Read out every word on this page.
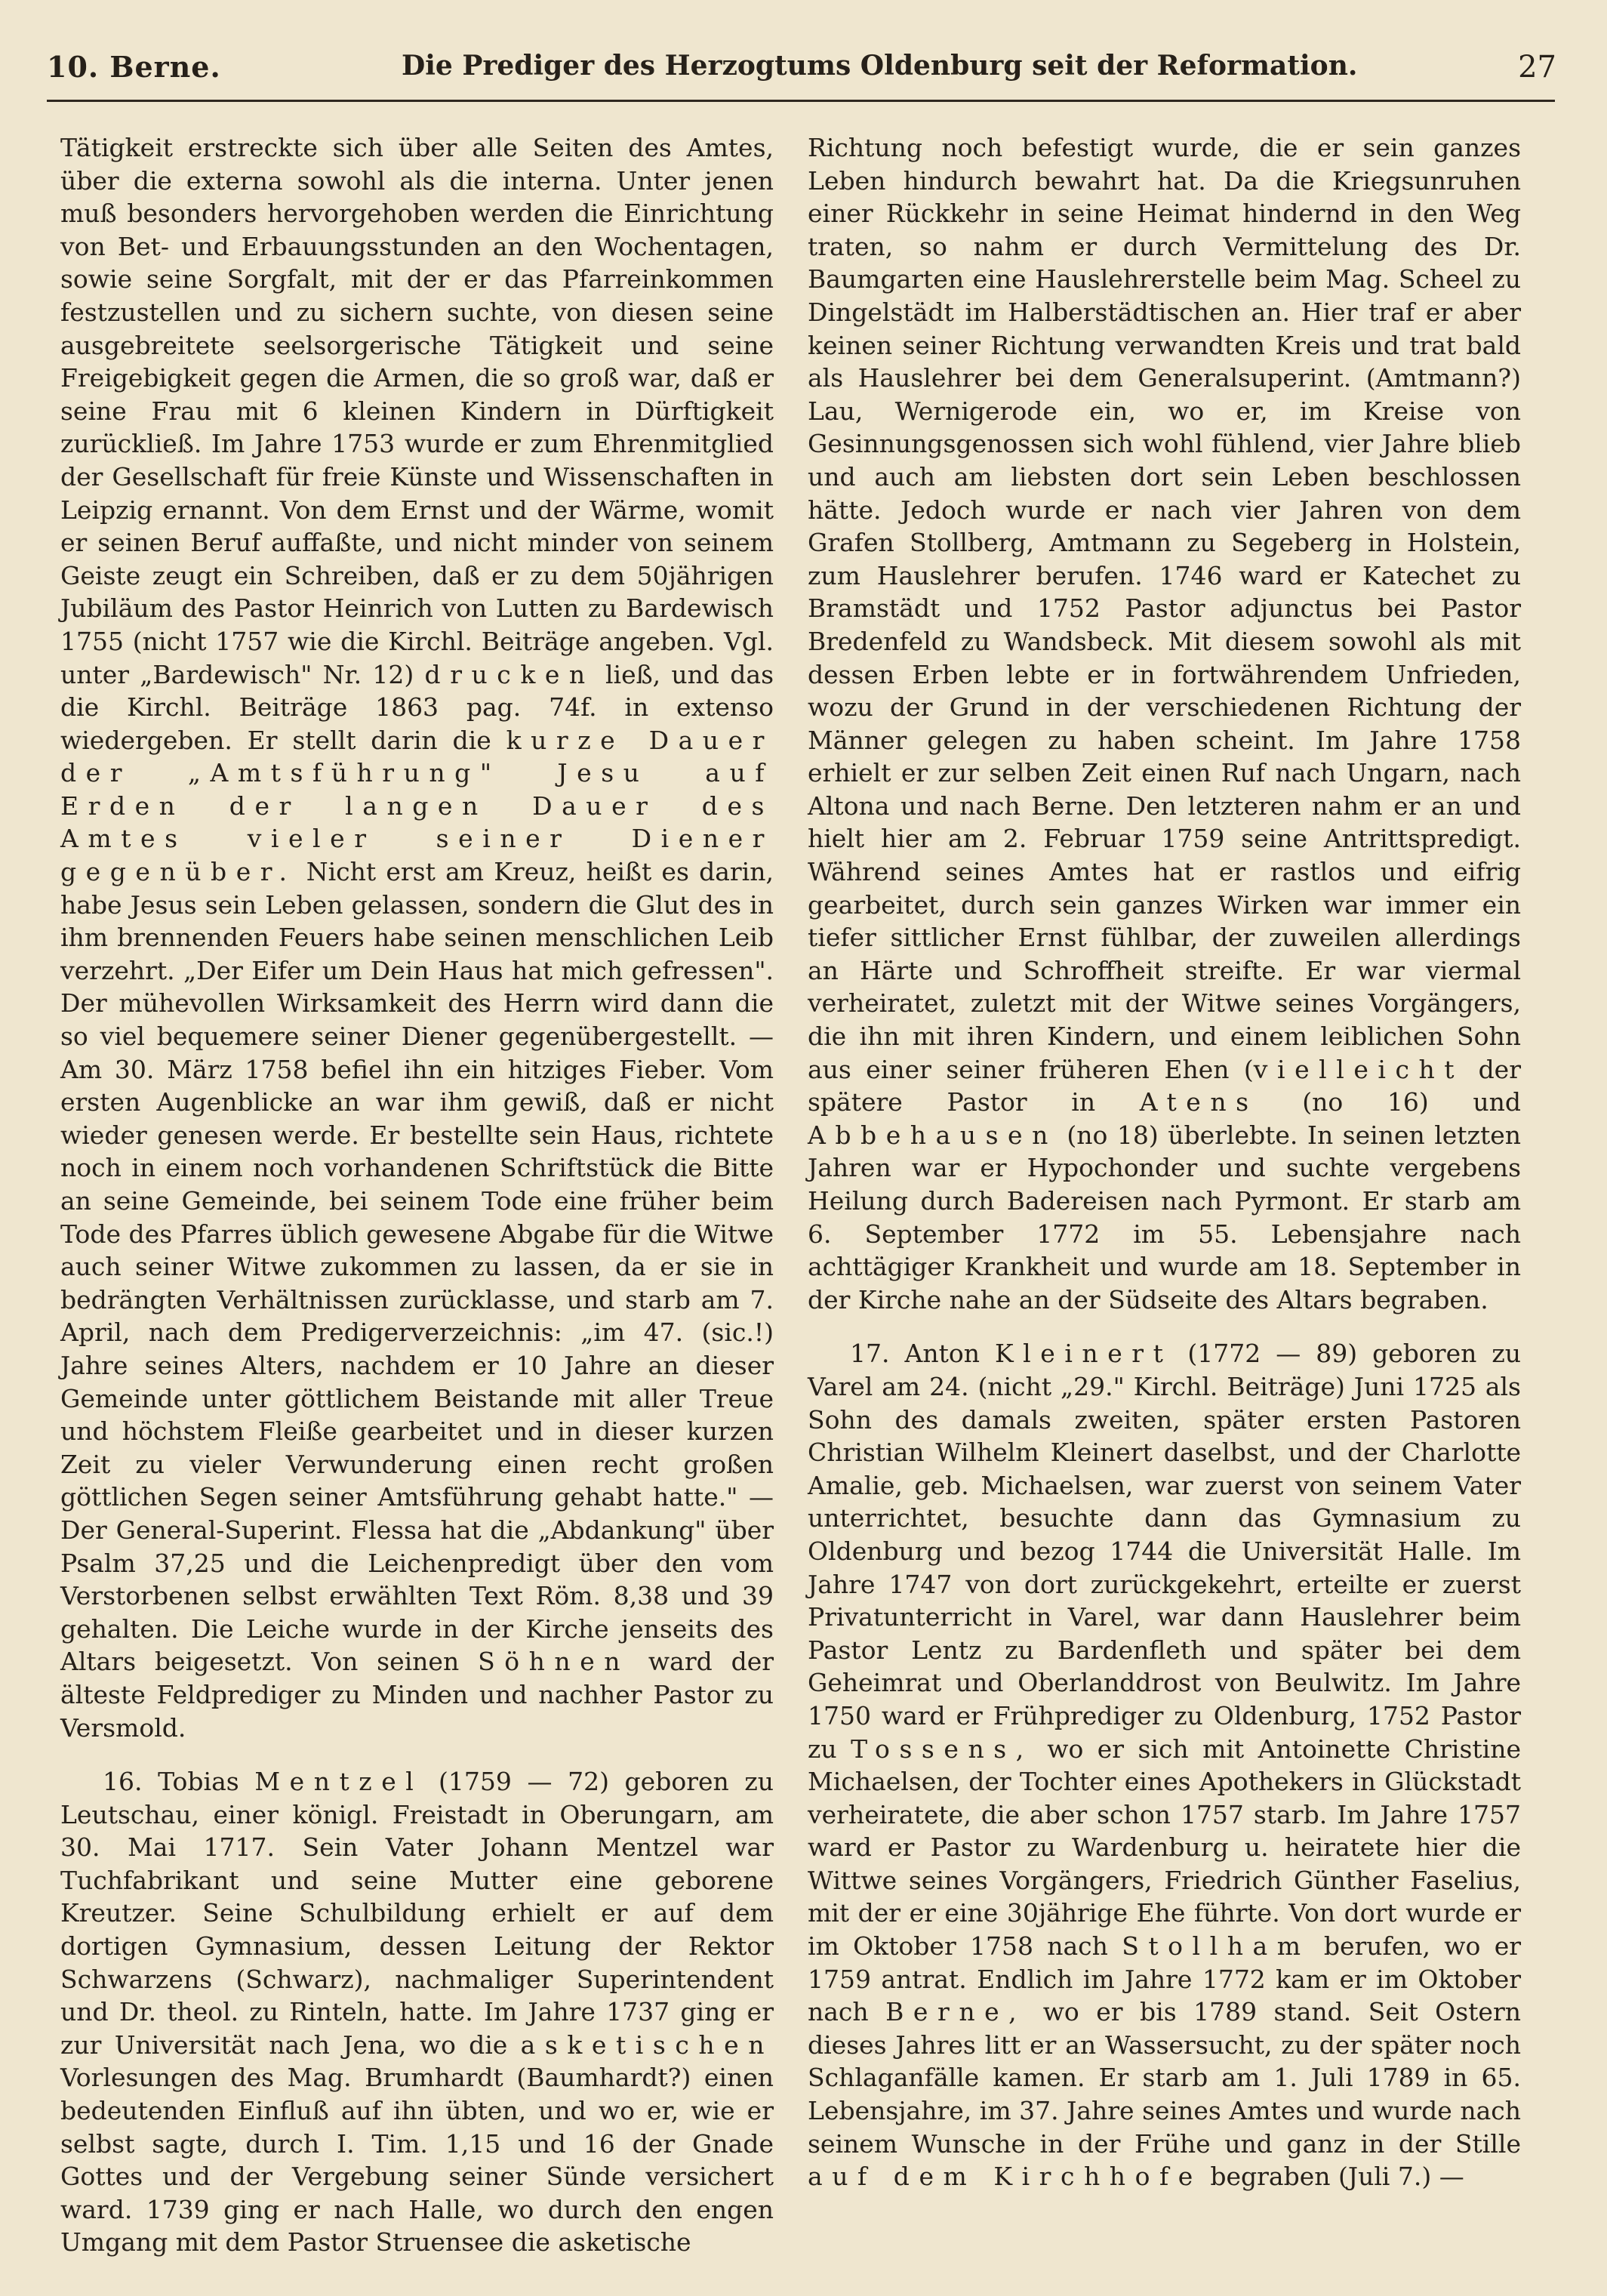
10. Berne.	Die Prediger des Herzogtums Oldenburg seit der Reformation.	27

Tätigkeit erstreckte sich über alle Seiten des Amtes, über die externa sowohl als die interna. Unter jenen muß besonders hervorgehoben werden die Einrichtung von Bet- und Erbauungsstunden an den Wochentagen, sowie seine Sorgfalt, mit der er das Pfarreinkommen festzustellen und zu sichern suchte, von diesen seine ausgebreitete seelsorgerische Tätigkeit und seine Freigebigkeit gegen die Armen, die so groß war, daß er seine Frau mit 6 kleinen Kindern in Dürftigkeit zurückließ. Im Jahre 1753 wurde er zum Ehrenmitglied der Gesellschaft für freie Künste und Wissenschaften in Leipzig ernannt. Von dem Ernst und der Wärme, womit er seinen Beruf auffaßte, und nicht minder von seinem Geiste zeugt ein Schreiben, daß er zu dem 50jährigen Jubiläum des Pastor Heinrich von Lutten zu Bardewisch 1755 (nicht 1757 wie die Kirchl. Beiträge angeben. Vgl. unter „Bardewisch" Nr. 12) drucken ließ, und das die Kirchl. Beiträge 1863 pag. 74f. in extenso wiedergeben. Er stellt darin die kurze Dauer der „Amtsführung" Jesu auf Erden der langen Dauer des Amtes vieler seiner Diener gegenüber. Nicht erst am Kreuz, heißt es darin, habe Jesus sein Leben gelassen, sondern die Glut des in ihm brennenden Feuers habe seinen menschlichen Leib verzehrt. „Der Eifer um Dein Haus hat mich gefressen". Der mühevollen Wirksamkeit des Herrn wird dann die so viel bequemere seiner Diener gegenübergestellt. — Am 30. März 1758 befiel ihn ein hitziges Fieber. Vom ersten Augenblicke an war ihm gewiß, daß er nicht wieder genesen werde. Er bestellte sein Haus, richtete noch in einem noch vorhandenen Schriftstück die Bitte an seine Gemeinde, bei seinem Tode eine früher beim Tode des Pfarres üblich gewesene Abgabe für die Witwe auch seiner Witwe zukommen zu lassen, da er sie in bedrängten Verhältnissen zurücklasse, und starb am 7. April, nach dem Predigerverzeichnis: „im 47. (sic.!) Jahre seines Alters, nachdem er 10 Jahre an dieser Gemeinde unter göttlichem Beistande mit aller Treue und höchstem Fleiße gearbeitet und in dieser kurzen Zeit zu vieler Verwunderung einen recht großen göttlichen Segen seiner Amtsführung gehabt hatte." — Der General-Superint. Flessa hat die „Abdankung" über Psalm 37,25 und die Leichenpredigt über den vom Verstorbenen selbst erwählten Text Röm. 8,38 und 39 gehalten. Die Leiche wurde in der Kirche jenseits des Altars beigesetzt. Von seinen Söhnen ward der älteste Feldprediger zu Minden und nachher Pastor zu Versmold.

16. Tobias Mentzel (1759 — 72) geboren zu Leutschau, einer königl. Freistadt in Oberungarn, am 30. Mai 1717. Sein Vater Johann Mentzel war Tuchfabrikant und seine Mutter eine geborene Kreutzer. Seine Schulbildung erhielt er auf dem dortigen Gymnasium, dessen Leitung der Rektor Schwarzens (Schwarz), nachmaliger Superintendent und Dr. theol. zu Rinteln, hatte. Im Jahre 1737 ging er zur Universität nach Jena, wo die asketischen Vorlesungen des Mag. Brumhardt (Baumhardt?) einen bedeutenden Einfluß auf ihn übten, und wo er, wie er selbst sagte, durch I. Tim. 1,15 und 16 der Gnade Gottes und der Vergebung seiner Sünde versichert ward. 1739 ging er nach Halle, wo durch den engen Umgang mit dem Pastor Struensee die asketische

Richtung noch befestigt wurde, die er sein ganzes Leben hindurch bewahrt hat. Da die Kriegsunruhen einer Rückkehr in seine Heimat hindernd in den Weg traten, so nahm er durch Vermittelung des Dr. Baumgarten eine Hauslehrerstelle beim Mag. Scheel zu Dingelstädt im Halberstädtischen an. Hier traf er aber keinen seiner Richtung verwandten Kreis und trat bald als Hauslehrer bei dem Generalsuperint. (Amtmann?) Lau, Wernigerode ein, wo er, im Kreise von Gesinnungsgenossen sich wohl fühlend, vier Jahre blieb und auch am liebsten dort sein Leben beschlossen hätte. Jedoch wurde er nach vier Jahren von dem Grafen Stollberg, Amtmann zu Segeberg in Holstein, zum Hauslehrer berufen. 1746 ward er Katechet zu Bramstädt und 1752 Pastor adjunctus bei Pastor Bredenfeld zu Wandsbeck. Mit diesem sowohl als mit dessen Erben lebte er in fortwährendem Unfrieden, wozu der Grund in der verschiedenen Richtung der Männer gelegen zu haben scheint. Im Jahre 1758 erhielt er zur selben Zeit einen Ruf nach Ungarn, nach Altona und nach Berne. Den letzteren nahm er an und hielt hier am 2. Februar 1759 seine Antrittspredigt. Während seines Amtes hat er rastlos und eifrig gearbeitet, durch sein ganzes Wirken war immer ein tiefer sittlicher Ernst fühlbar, der zuweilen allerdings an Härte und Schroffheit streifte. Er war viermal verheiratet, zuletzt mit der Witwe seines Vorgängers, die ihn mit ihren Kindern, und einem leiblichen Sohn aus einer seiner früheren Ehen (vielleicht der spätere Pastor in Atens (no 16) und Abbehausen (no 18) überlebte. In seinen letzten Jahren war er Hypochonder und suchte vergebens Heilung durch Badereisen nach Pyrmont. Er starb am 6. September 1772 im 55. Lebensjahre nach achttägiger Krankheit und wurde am 18. September in der Kirche nahe an der Südseite des Altars begraben.

17. Anton Kleinert (1772 — 89) geboren zu Varel am 24. (nicht „29." Kirchl. Beiträge) Juni 1725 als Sohn des damals zweiten, später ersten Pastoren Christian Wilhelm Kleinert daselbst, und der Charlotte Amalie, geb. Michaelsen, war zuerst von seinem Vater unterrichtet, besuchte dann das Gymnasium zu Oldenburg und bezog 1744 die Universität Halle. Im Jahre 1747 von dort zurückgekehrt, erteilte er zuerst Privatunterricht in Varel, war dann Hauslehrer beim Pastor Lentz zu Bardenfleth und später bei dem Geheimrat und Oberlanddrost von Beulwitz. Im Jahre 1750 ward er Frühprediger zu Oldenburg, 1752 Pastor zu Tossens, wo er sich mit Antoinette Christine Michaelsen, der Tochter eines Apothekers in Glückstadt verheiratete, die aber schon 1757 starb. Im Jahre 1757 ward er Pastor zu Wardenburg u. heiratete hier die Wittwe seines Vorgängers, Friedrich Günther Faselius, mit der er eine 30jährige Ehe führte. Von dort wurde er im Oktober 1758 nach Stollham berufen, wo er 1759 antrat. Endlich im Jahre 1772 kam er im Oktober nach Berne, wo er bis 1789 stand. Seit Ostern dieses Jahres litt er an Wassersucht, zu der später noch Schlaganfälle kamen. Er starb am 1. Juli 1789 in 65. Lebensjahre, im 37. Jahre seines Amtes und wurde nach seinem Wunsche in der Frühe und ganz in der Stille auf dem Kirchhofe begraben (Juli 7.) —
